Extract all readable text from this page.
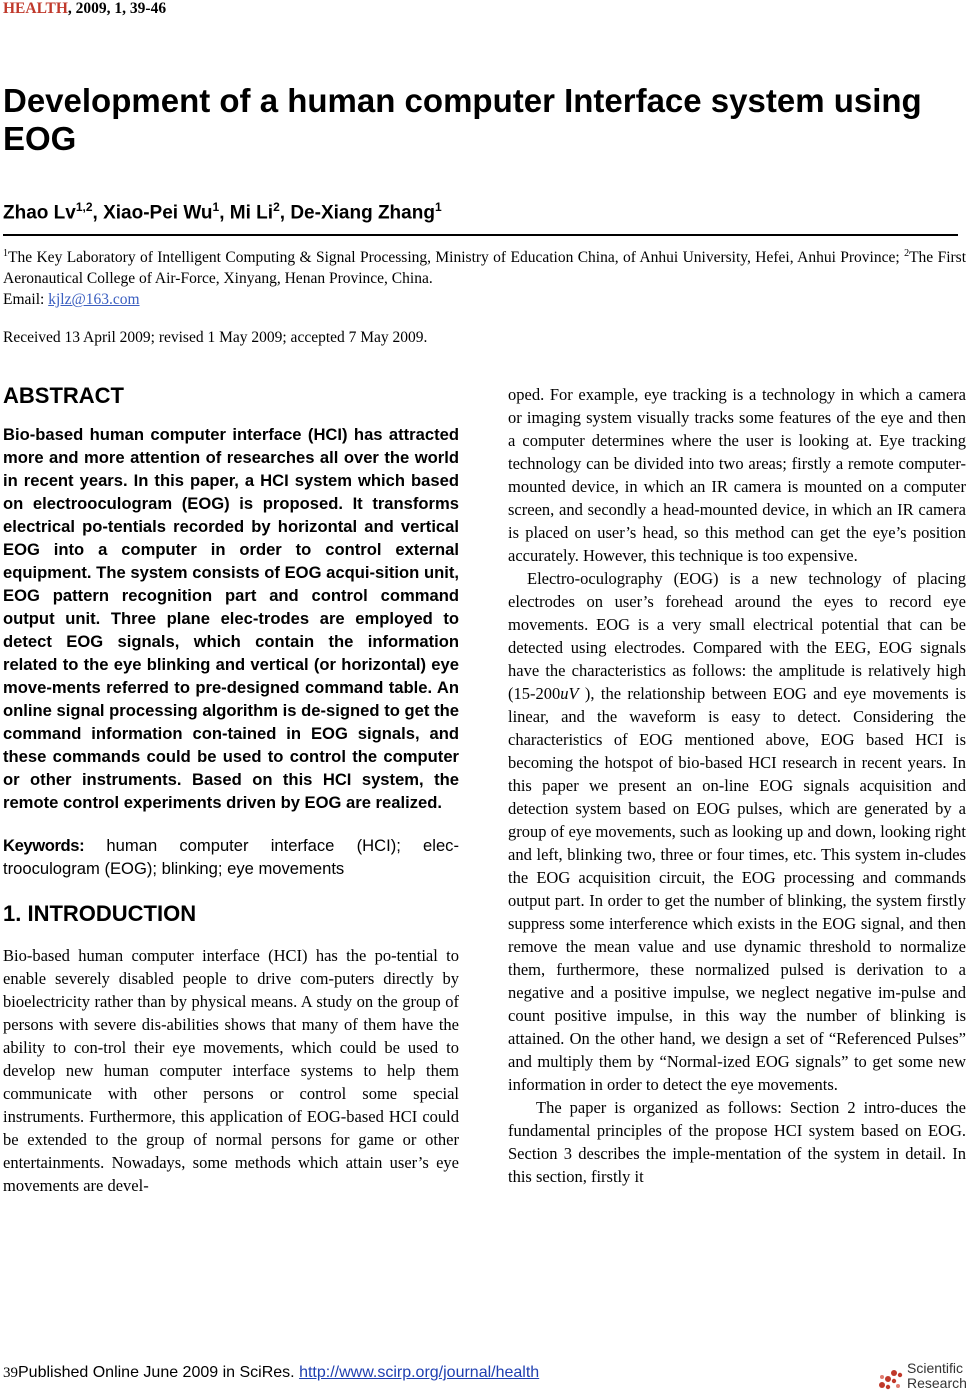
HEALTH, 2009, 1, 39-46
Development of a human computer Interface system using EOG

Zhao Lv$^{1,2}$, Xiao-Pei Wu$^1$, Mi Li$^2$, De-Xiang Zhang$^1$

$^1$The Key Laboratory of Intelligent Computing & Signal Processing, Ministry of Education China, of Anhui University, Hefei, Anhui Province; $^2$The First Aeronautical College of Air-Force, Xinyang, Henan Province, China.
Email: kjlz@163.com

Received 13 April 2009; revised 1 May 2009; accepted 7 May 2009.

ABSTRACT

Bio-based human computer interface (HCI) has attracted more and more attention of researches all over the world in recent years. In this paper, a HCI system which based on electrooculogram (EOG) is proposed. It transforms electrical po-tentials recorded by horizontal and vertical EOG into a computer in order to control external equipment. The system consists of EOG acqui-sition unit, EOG pattern recognition part and control command output unit. Three plane elec-trodes are employed to detect EOG signals, which contain the information related to the eye blinking and vertical (or horizontal) eye move-ments referred to pre-designed command table. An online signal processing algorithm is de-signed to get the command information con-tained in EOG signals, and these commands could be used to control the computer or other instruments. Based on this HCI system, the remote control experiments driven by EOG are realized.

Keywords: human computer interface (HCI); elec-trooculogram (EOG); blinking; eye movements

1. INTRODUCTION

Bio-based human computer interface (HCI) has the po-tential to enable severely disabled people to drive com-puters directly by bioelectricity rather than by physical means. A study on the group of persons with severe dis-abilities shows that many of them have the ability to con-trol their eye movements, which could be used to develop new human computer interface systems to help them communicate with other persons or control some special instruments. Furthermore, this application of EOG-based HCI could be extended to the group of normal persons for game or other entertainments. Nowadays, some methods which attain user’s eye movements are devel-

oped. For example, eye tracking is a technology in which a camera or imaging system visually tracks some features of the eye and then a computer determines where the user is looking at. Eye tracking technology can be divided into two areas; firstly a remote computer-mounted device, in which an IR camera is mounted on a computer screen, and secondly a head-mounted device, in which an IR camera is placed on user’s head, so this method can get the eye’s position accurately. However, this technique is too expensive.

Electro-oculography (EOG) is a new technology of placing electrodes on user’s forehead around the eyes to record eye movements. EOG is a very small electrical potential that can be detected using electrodes. Compared with the EEG, EOG signals have the characteristics as follows: the amplitude is relatively high (15-200uV ), the relationship between EOG and eye movements is linear, and the waveform is easy to detect. Considering the characteristics of EOG mentioned above, EOG based HCI is becoming the hotspot of bio-based HCI research in recent years. In this paper we present an on-line EOG signals acquisition and detection system based on EOG pulses, which are generated by a group of eye movements, such as looking up and down, looking right and left, blinking two, three or four times, etc. This system in-cludes the EOG acquisition circuit, the EOG processing and commands output part. In order to get the number of blinking, the system firstly suppress some interference which exists in the EOG signal, and then remove the mean value and use dynamic threshold to normalize them, furthermore, these normalized pulsed is derivation to a negative and a positive impulse, we neglect negative im-pulse and count positive impulse, in this way the number of blinking is attained. On the other hand, we design a set of “Referenced Pulses” and multiply them by “Normal-ized EOG signals” to get some new information in order to detect the eye movements.

The paper is organized as follows: Section 2 intro-duces the fundamental principles of the propose HCI system based on EOG. Section 3 describes the imple-mentation of the system in detail. In this section, firstly it

39Published Online June 2009 in SciRes. http://www.scirp.org/journal/health	Scientific
Research
